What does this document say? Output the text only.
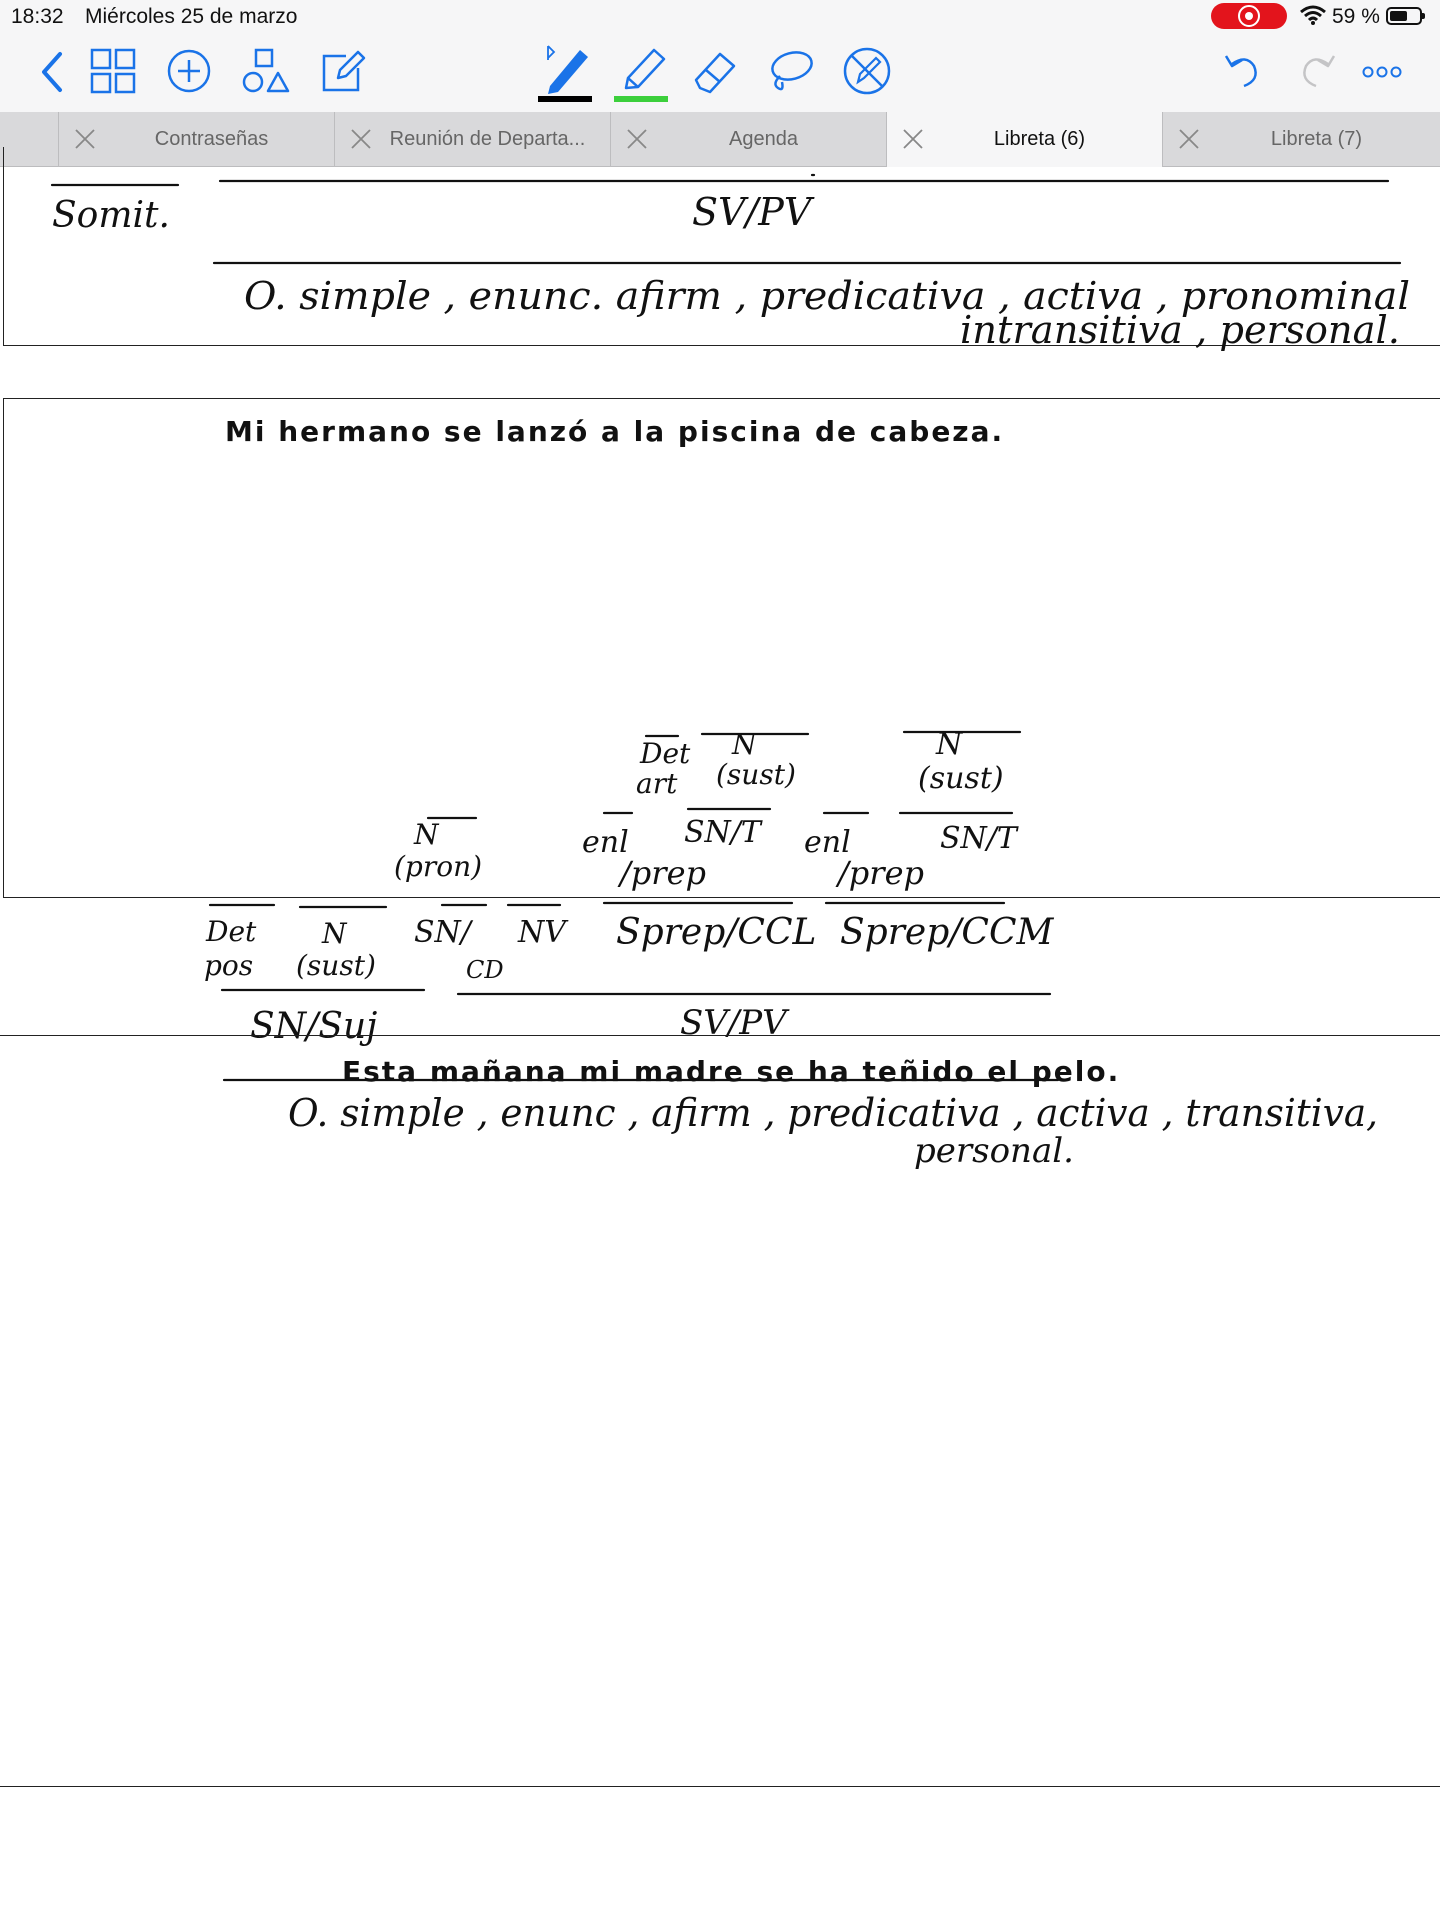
18:32 Miércoles 25 de marzo	59 %
Contraseñas	Reunión de Departa...	Agenda	Libreta (6)	Libreta (7)
Somit.	SV/PV
O. simple , enunc. afirm , predicativa , activa , pronominal
intransitiva , personal.
Mi hermano se lanzó a la piscina de cabeza.
Det art
N (sust)
N (sust)
SN/T	SN/T
enl
/prep
enl
/prep
N (pron)
Det pos
N (sust)
SN/ CD
NV Sprep/CCL Sprep/CCM
SN/Suj	SV/PV
O. simple , enunc , afirm , predicativa , activa , transitiva,
personal.
Esta mañana mi madre se ha teñido el pelo.
